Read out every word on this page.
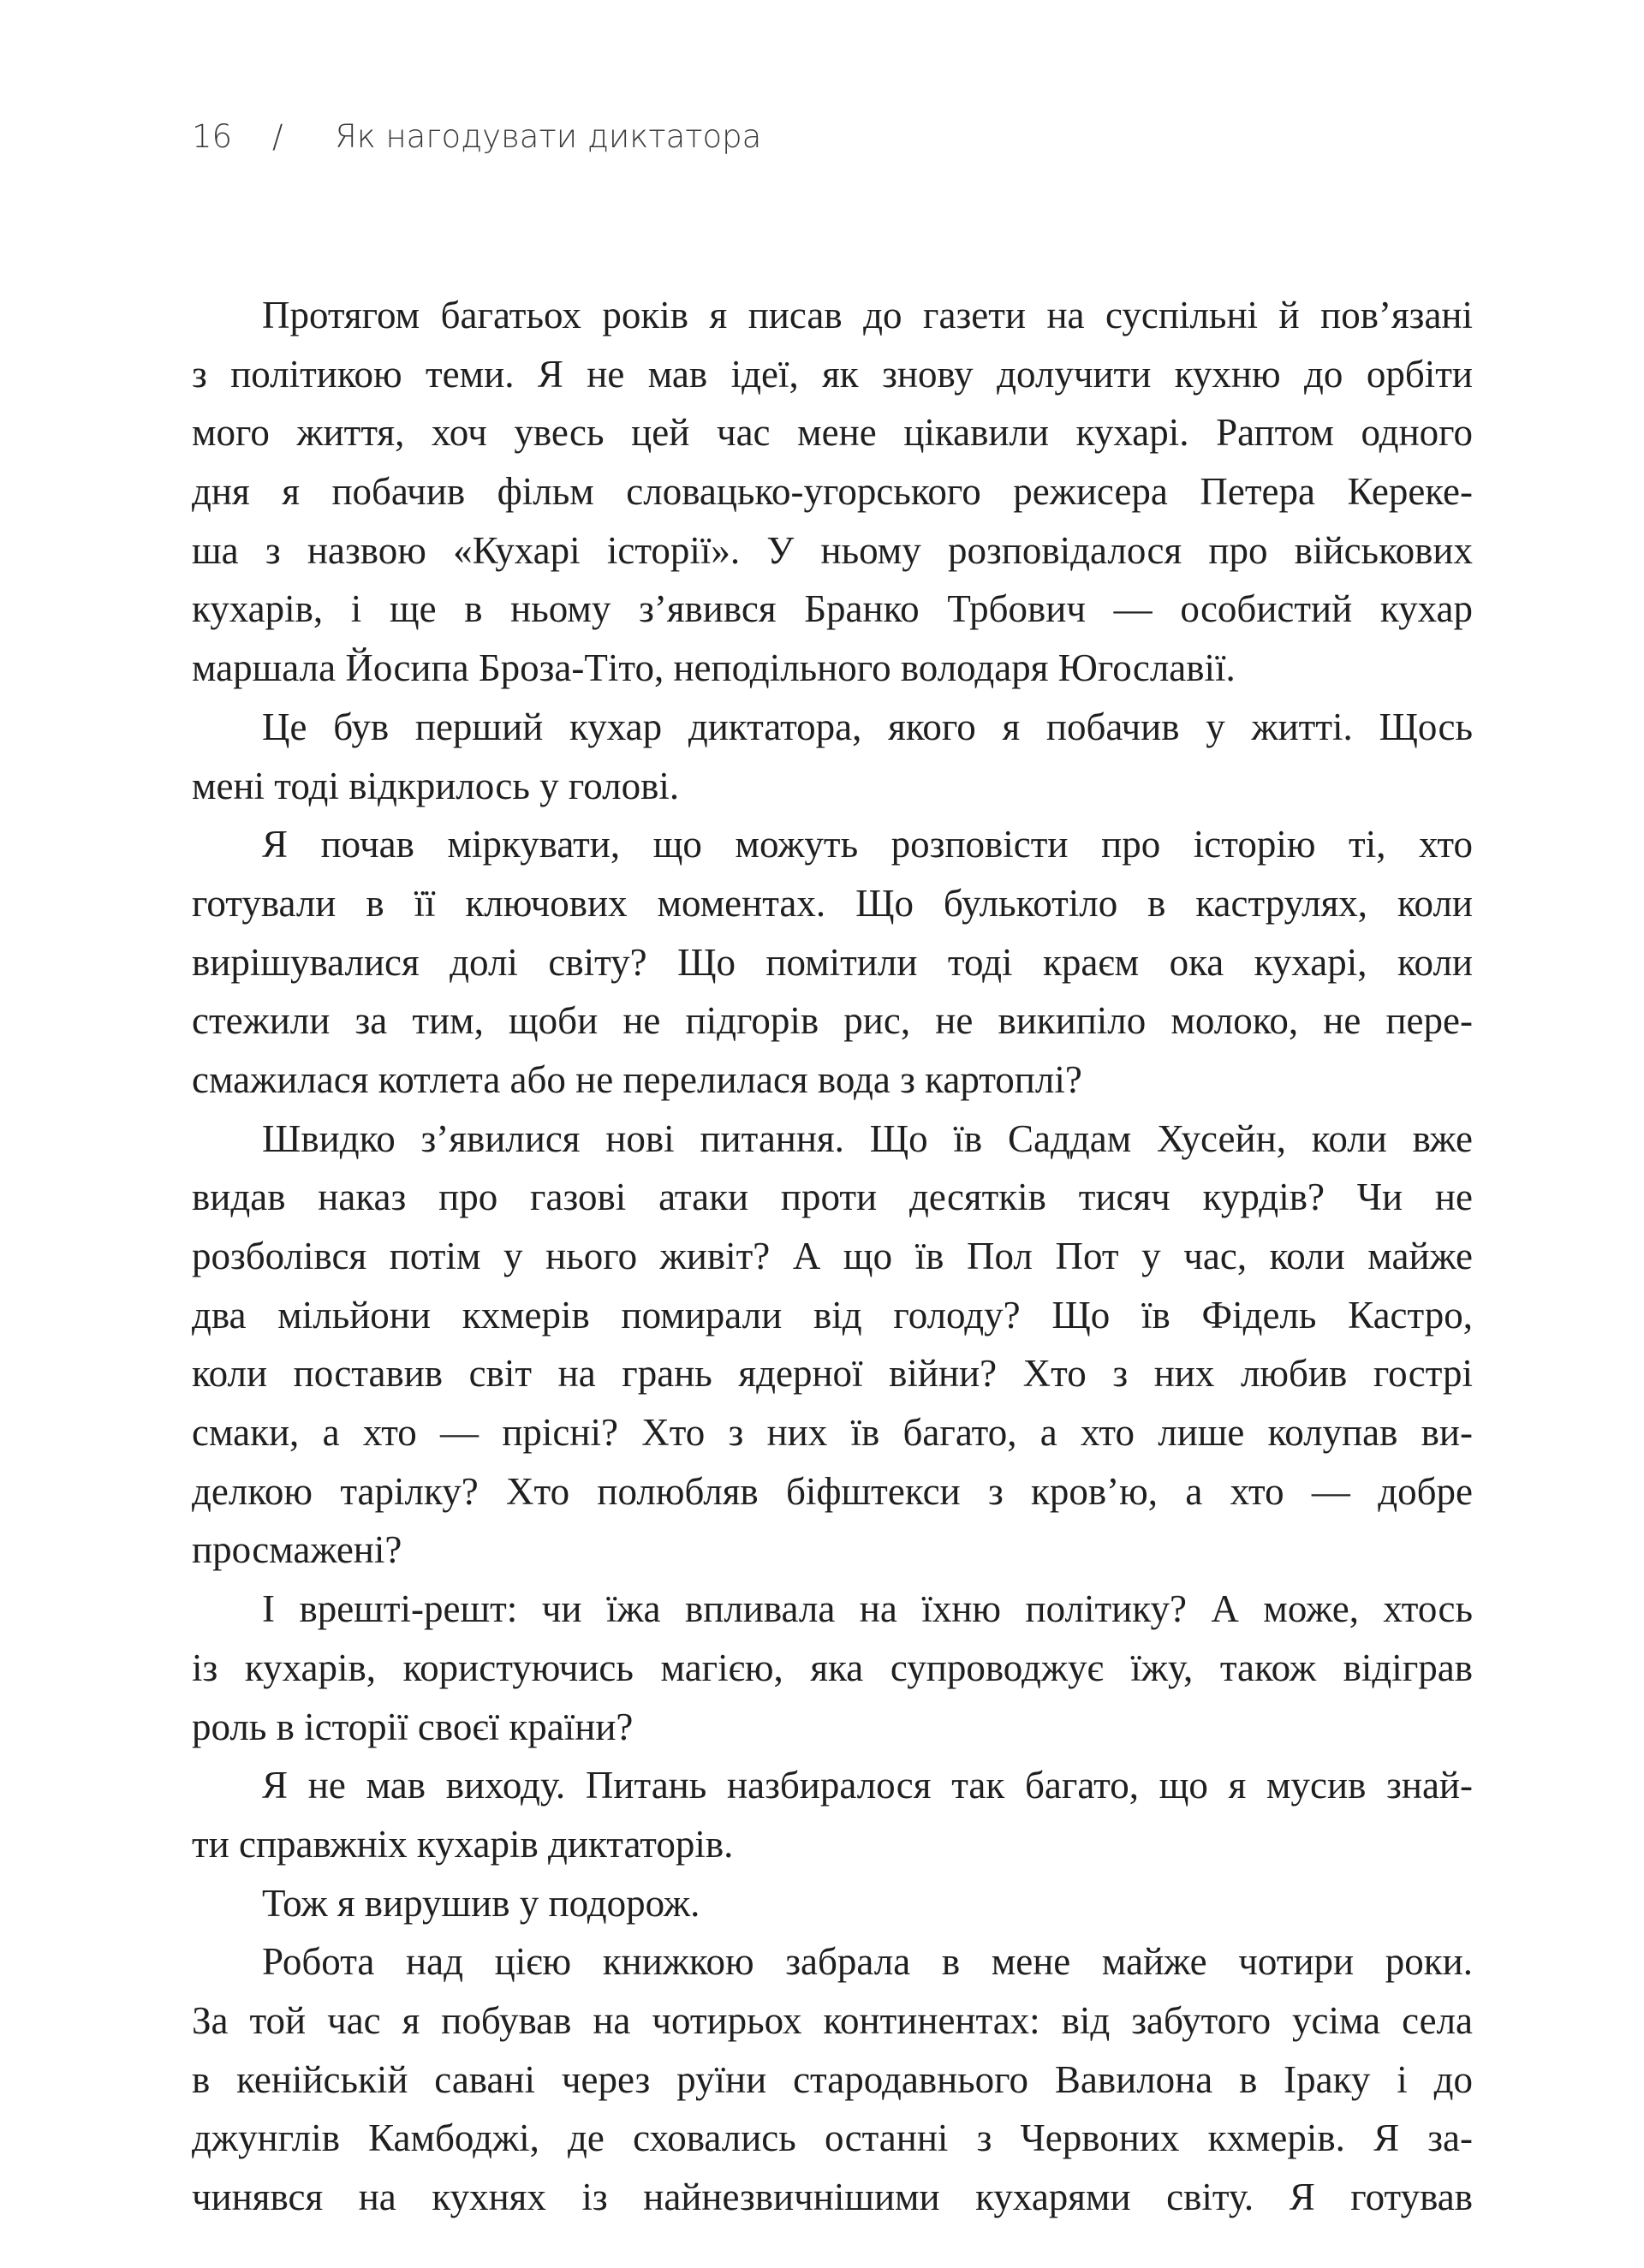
16 / Як нагодувати диктатора
Протягом багатьох років я писав до газети на суспільні й пов’язані
з політикою теми. Я не мав ідеї, як знову долучити кухню до орбіти
мого життя, хоч увесь цей час мене цікавили кухарі. Раптом одного
дня я побачив фільм словацько-угорського режисера Петера Кереке-
ша з назвою «Кухарі історії». У ньому розповідалося про військових
кухарів, і ще в ньому з’явився Бранко Трбович — особистий кухар
маршала Йосипа Броза-Тіто, неподільного володаря Югославії.
Це був перший кухар диктатора, якого я побачив у житті. Щось
мені тоді відкрилось у голові.
Я почав міркувати, що можуть розповісти про історію ті, хто
готували в її ключових моментах. Що булькотіло в каструлях, коли
вирішувалися долі світу? Що помітили тоді краєм ока кухарі, коли
стежили за тим, щоби не підгорів рис, не википіло молоко, не пере-
смажилася котлета або не перелилася вода з картоплі?
Швидко з’явилися нові питання. Що їв Саддам Хусейн, коли вже
видав наказ про газові атаки проти десятків тисяч курдів? Чи не
розболівся потім у нього живіт? А що їв Пол Пот у час, коли майже
два мільйони кхмерів помирали від голоду? Що їв Фідель Кастро,
коли поставив світ на грань ядерної війни? Хто з них любив гострі
смаки, а хто — прісні? Хто з них їв багато, а хто лише колупав ви-
делкою тарілку? Хто полюбляв біфштекси з кров’ю, а хто — добре
просмажені?
І врешті-решт: чи їжа впливала на їхню політику? А може, хтось
із кухарів, користуючись магією, яка супроводжує їжу, також відіграв
роль в історії своєї країни?
Я не мав виходу. Питань назбиралося так багато, що я мусив знай-
ти справжніх кухарів диктаторів.
Тож я вирушив у подорож.
Робота над цією книжкою забрала в мене майже чотири роки.
За той час я побував на чотирьох континентах: від забутого усіма села
в кенійській савані через руїни стародавнього Вавилона в Іраку і до
джунглів Камбоджі, де сховались останні з Червоних кхмерів. Я за-
чинявся на кухнях із найнезвичнішими кухарями світу. Я готував
